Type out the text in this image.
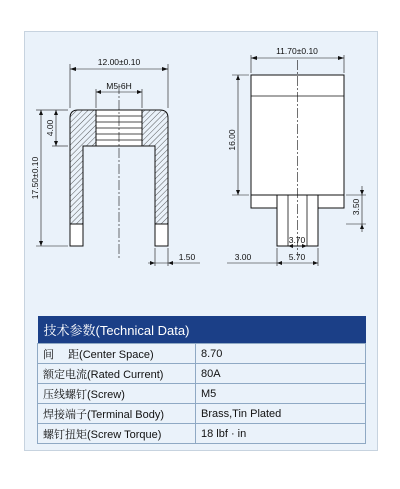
12.00±0.10
M5-6H
4.00
17.50±0.10
1.50
11.70±0.10
16.00
3.50
3.70
3.00	5.70
技术参数(Technical Data)	
间　 距(Center Space)	8.70
额定电流(Rated Current)	80A
压线螺钉(Screw)	M5
焊接端子(Terminal Body)	Brass,Tin Plated
螺钉扭矩(Screw Torque)	18 lbf · in
